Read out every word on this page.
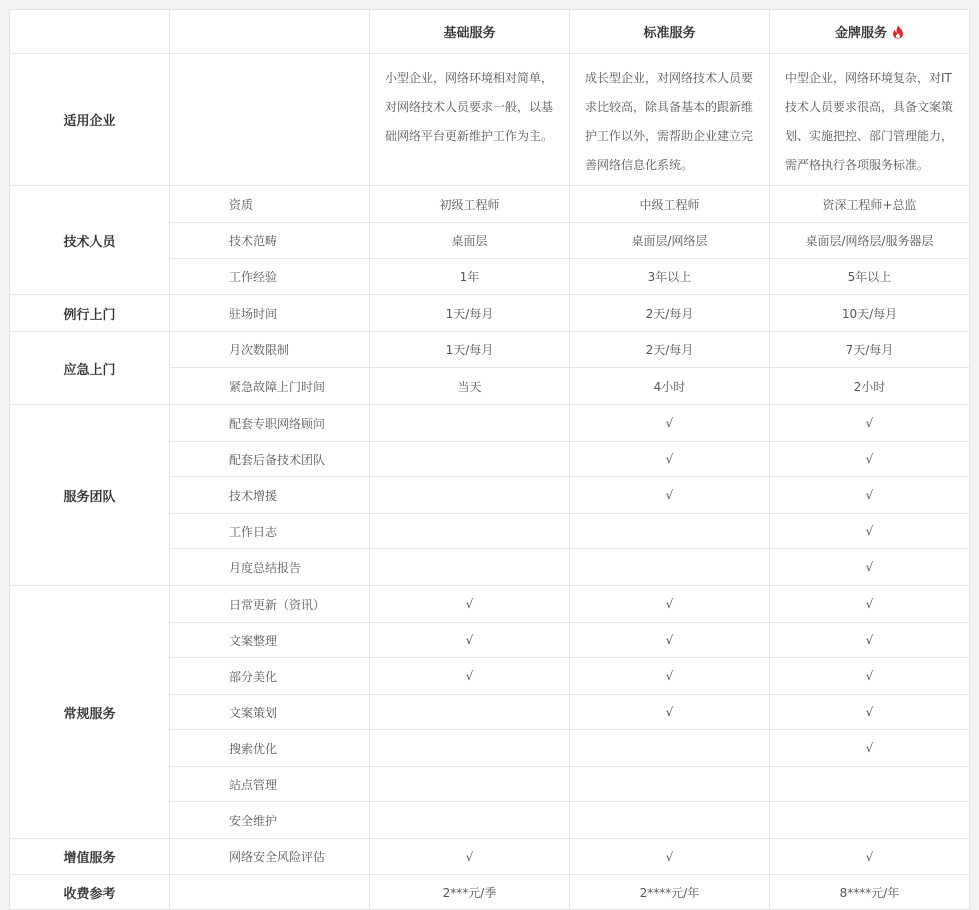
		基础服务	标准服务	金牌服务
适用企业		小型企业，网络环境相对简单，
对网络技术人员要求一般，以基
础网络平台更新维护工作为主。	成长型企业，对网络技术人员要
求比较高，除具备基本的跟新维
护工作以外，需帮助企业建立完
善网络信息化系统。	中型企业，网络环境复杂，对IT
技术人员要求很高，具备文案策
划、实施把控、部门管理能力，
需严格执行各项服务标准。
技术人员	资质	初级工程师	中级工程师	资深工程师+总监
	技术范畴	桌面层	桌面层/网络层	桌面层/网络层/服务器层
	工作经验	1年	3年以上	5年以上
例行上门	驻场时间	1天/每月	2天/每月	10天/每月
应急上门	月次数限制	1天/每月	2天/每月	7天/每月
	紧急故障上门时间	当天	4小时	2小时
服务团队	配套专职网络顾问		√	√
	配套后备技术团队		√	√
	技术增援		√	√
	工作日志			√
	月度总结报告			√
常规服务	日常更新（资讯）	√	√	√
	文案整理	√	√	√
	部分美化	√	√	√
	文案策划		√	√
	搜索优化			√
	站点管理			
	安全维护			
增值服务	网络安全风险评估	√	√	√
收费参考		2***元/季	2****元/年	8****元/年
